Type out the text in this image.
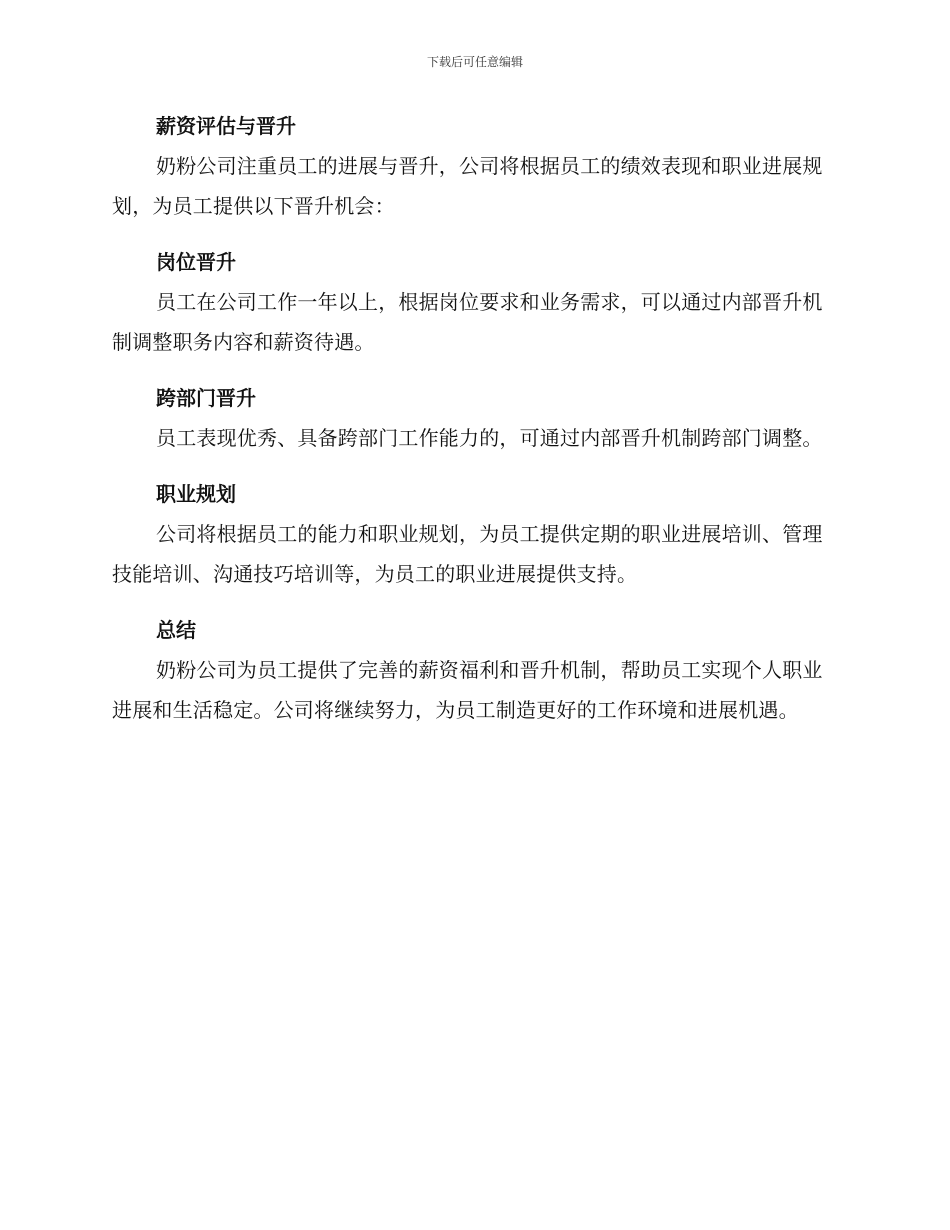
下载后可任意编辑
薪资评估与晋升

奶粉公司注重员工的进展与晋升，公司将根据员工的绩效表现和职业进展规划，为员工提供以下晋升机会：

岗位晋升

员工在公司工作一年以上，根据岗位要求和业务需求，可以通过内部晋升机制调整职务内容和薪资待遇。

跨部门晋升

员工表现优秀、具备跨部门工作能力的，可通过内部晋升机制跨部门调整。

职业规划

公司将根据员工的能力和职业规划，为员工提供定期的职业进展培训、管理技能培训、沟通技巧培训等，为员工的职业进展提供支持。

总结

奶粉公司为员工提供了完善的薪资福利和晋升机制，帮助员工实现个人职业进展和生活稳定。公司将继续努力，为员工制造更好的工作环境和进展机遇。
